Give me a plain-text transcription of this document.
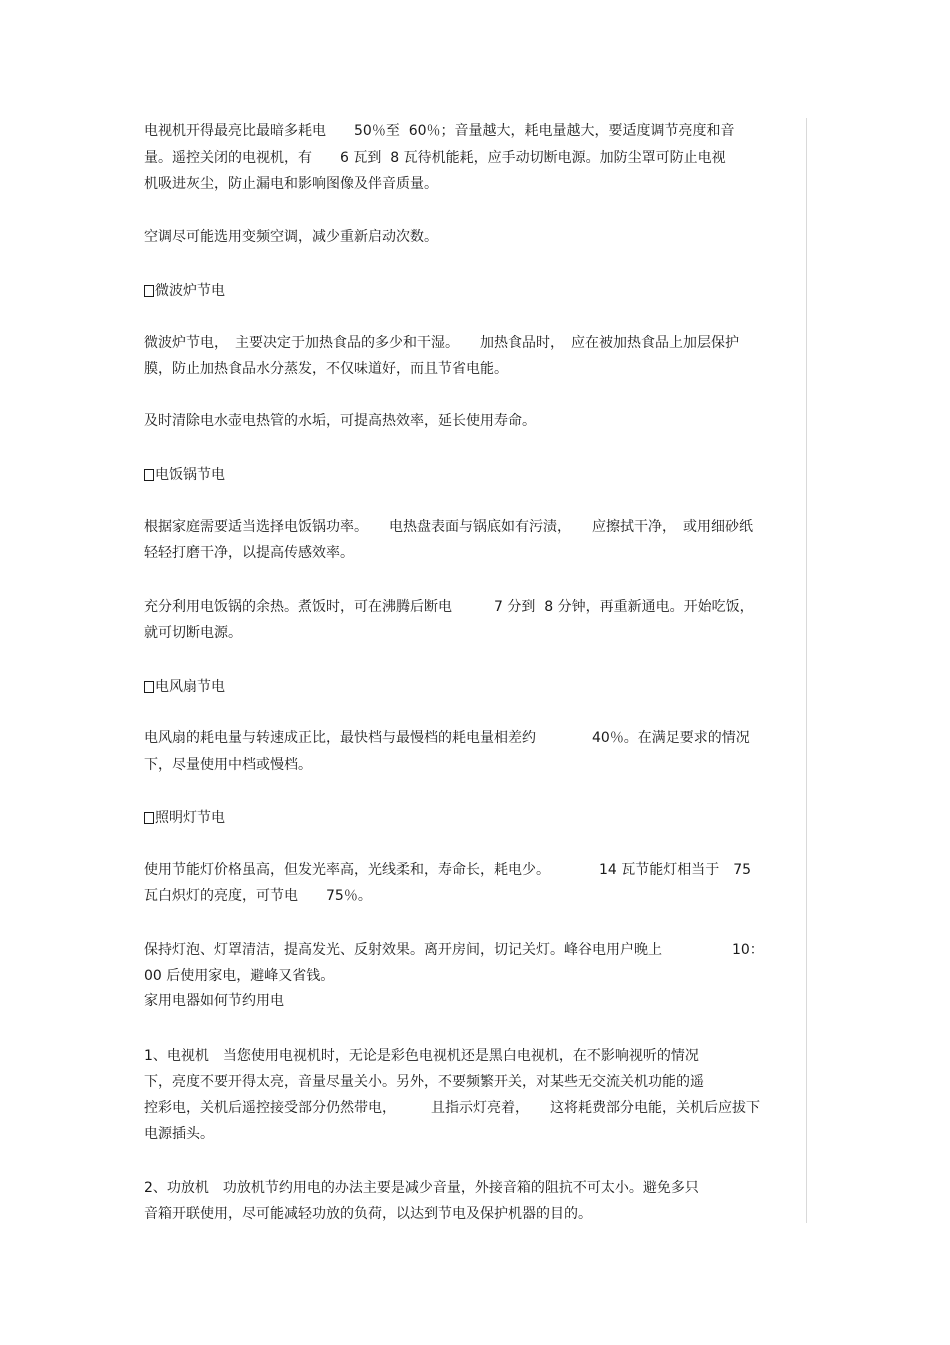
电视机开得最亮比最暗多耗电　　50％至  60％；音量越大，耗电量越大，要适度调节亮度和音
量。遥控关闭的电视机，有　　6 瓦到  8 瓦待机能耗，应手动切断电源。加防尘罩可防止电视
机吸进灰尘，防止漏电和影响图像及伴音质量。
空调尽可能选用变频空调，减少重新启动次数。
微波炉节电
微波炉节电，　主要决定于加热食品的多少和干湿。　　加热食品时，　应在被加热食品上加层保护
膜，防止加热食品水分蒸发，不仅味道好，而且节省电能。
及时清除电水壶电热管的水垢，可提高热效率，延长使用寿命。
电饭锅节电
根据家庭需要适当选择电饭锅功率。　　电热盘表面与锅底如有污渍，　　应擦拭干净，　或用细砂纸
轻轻打磨干净，以提高传感效率。
充分利用电饭锅的余热。煮饭时，可在沸腾后断电　　　7 分到  8 分钟，再重新通电。开始吃饭，
就可切断电源。
电风扇节电
电风扇的耗电量与转速成正比，最快档与最慢档的耗电量相差约　　　　40％。在满足要求的情况
下，尽量使用中档或慢档。
照明灯节电
使用节能灯价格虽高，但发光率高，光线柔和，寿命长，耗电少。　　　　14 瓦节能灯相当于　75
瓦白炽灯的亮度，可节电　　75％。
保持灯泡、灯罩清洁，提高发光、反射效果。离开房间，切记关灯。峰谷电用户晚上　　　　　10：
00 后使用家电，避峰又省钱。
家用电器如何节约用电
1、电视机　当您使用电视机时，无论是彩色电视机还是黑白电视机，在不影响视听的情况
下，亮度不要开得太亮，音量尽量关小。另外，不要频繁开关，对某些无交流关机功能的遥
控彩电，关机后遥控接受部分仍然带电，　　　且指示灯亮着，　　这将耗费部分电能，关机后应拔下
电源插头。
2、功放机　功放机节约用电的办法主要是减少音量，外接音箱的阻抗不可太小。避免多只
音箱开联使用，尽可能减轻功放的负荷，以达到节电及保护机器的目的。
